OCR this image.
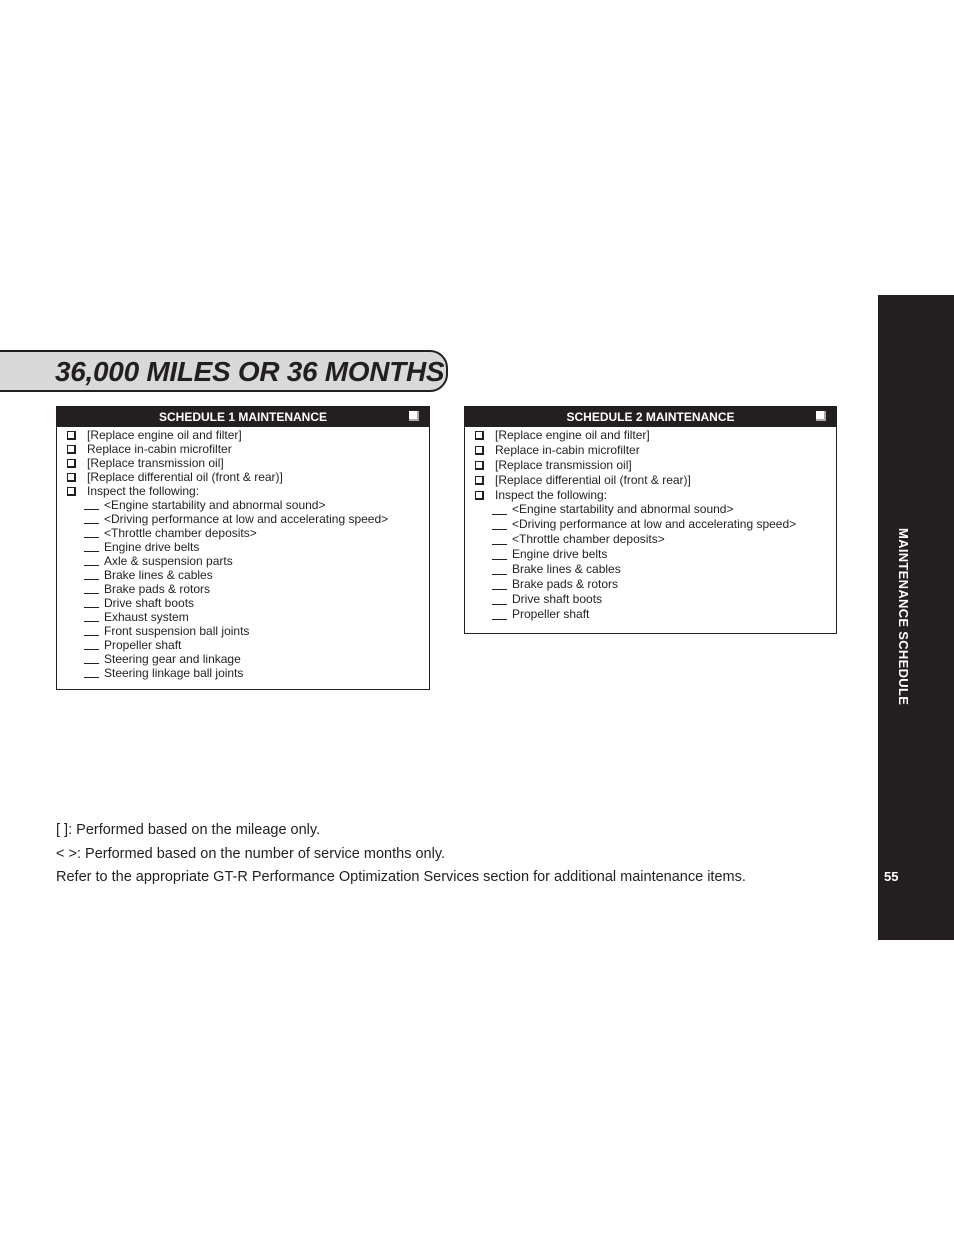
36,000 MILES OR 36 MONTHS
SCHEDULE 1 MAINTENANCE
[Replace engine oil and filter]
Replace in-cabin microfilter
[Replace transmission oil]
[Replace differential oil (front & rear)]
Inspect the following:
<Engine startability and abnormal sound>
<Driving performance at low and accelerating speed>
<Throttle chamber deposits>
Engine drive belts
Axle & suspension parts
Brake lines & cables
Brake pads & rotors
Drive shaft boots
Exhaust system
Front suspension ball joints
Propeller shaft
Steering gear and linkage
Steering linkage ball joints
SCHEDULE 2 MAINTENANCE
[Replace engine oil and filter]
Replace in-cabin microfilter
[Replace transmission oil]
[Replace differential oil (front & rear)]
Inspect the following:
<Engine startability and abnormal sound>
<Driving performance at low and accelerating speed>
<Throttle chamber deposits>
Engine drive belts
Brake lines & cables
Brake pads & rotors
Drive shaft boots
Propeller shaft

[ ]: Performed based on the mileage only.

< >: Performed based on the number of service months only.

Refer to the appropriate GT-R Performance Optimization Services section for additional maintenance items.

MAINTENANCE SCHEDULE
55
